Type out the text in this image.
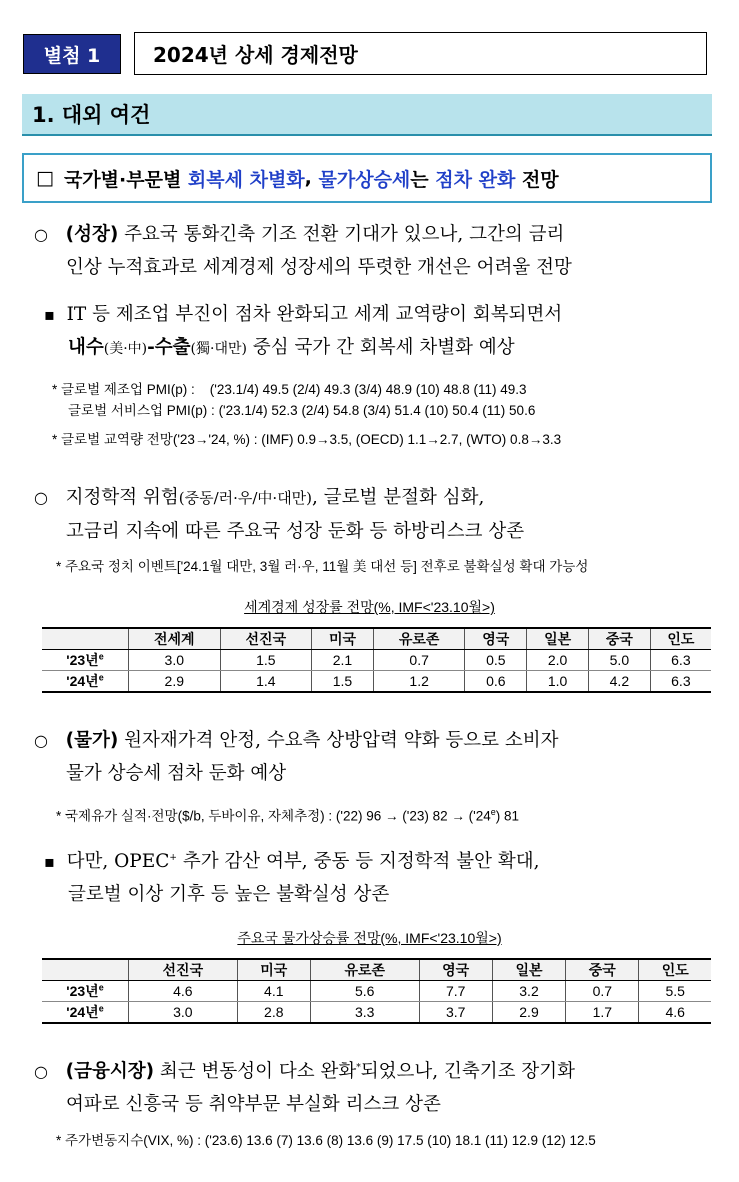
별첨 1	2024년 상세 경제전망
1. 대외 여건
□ 국가별·부문별
회복세 차별화 ,
물가상승세 는
점차 완화
전망
○ (성장) 주요국 통화긴축 기조 전환 기대가 있으나, 그간의 금리
인상 누적효과로 세계경제 성장세의 뚜렷한 개선은 어려울 전망
▪ IT 등 제조업 부진이 점차 완화되고 세계 교역량이 회복되면서
내수(美·中)-수출(獨·대만) 중심 국가 간 회복세 차별화 예상
* 글로벌 제조업 PMI(p) : ('23.1/4) 49.5 (2/4) 49.3 (3/4) 48.9 (10) 48.8 (11) 49.3
글로벌 서비스업 PMI(p) : ('23.1/4) 52.3 (2/4) 54.8 (3/4) 51.4 (10) 50.4 (11) 50.6
* 글로벌 교역량 전망('23→'24, %) : (IMF) 0.9→3.5, (OECD) 1.1→2.7, (WTO) 0.8→3.3
○ 지정학적 위험(중동/러·우/中·대만), 글로벌 분절화 심화,
고금리 지속에 따른 주요국 성장 둔화 등 하방리스크 상존
* 주요국 정치 이벤트['24.1월 대만, 3월 러·우, 11월 美 대선 등] 전후로 불확실성 확대 가능성
세계경제 성장률 전망(%, IMF<'23.10월>)
	전세계	선진국	미국	유로존	영국	일본	중국	인도
'23년$^e$	3.0	1.5	2.1	0.7	0.5	2.0	5.0	6.3
'24년$^e$	2.9	1.4	1.5	1.2	0.6	1.0	4.2	6.3
○ (물가) 원자재가격 안정, 수요측 상방압력 약화 등으로 소비자
물가 상승세 점차 둔화 예상
* 국제유가 실적·전망($/b, 두바이유, 자체추정) : ('22) 96 → ('23) $82 \to ('24^e)$ 81
▪ 다만, OPEC+ 추가 감산 여부, 중동 등 지정학적 불안 확대,
글로벌 이상 기후 등 높은 불확실성 상존
주요국 물가상승률 전망(%, IMF<'23.10월>)
	선진국	미국	유로존	영국	일본	중국	인도
'23년$^e$	4.6	4.1	5.6	7.7	3.2	0.7	5.5
'24년$^e$	3.0	2.8	3.3	3.7	2.9	1.7	4.6
○ (금융시장) 최근 변동성이 다소 완화*되었으나, 긴축기조 장기화
여파로 신흥국 등 취약부문 부실화 리스크 상존
* 주가변동지수(VIX, %) : ('23.6) 13.6 (7) 13.6 (8) 13.6 (9) 17.5 (10) 18.1 (11) 12.9 (12) 12.5
